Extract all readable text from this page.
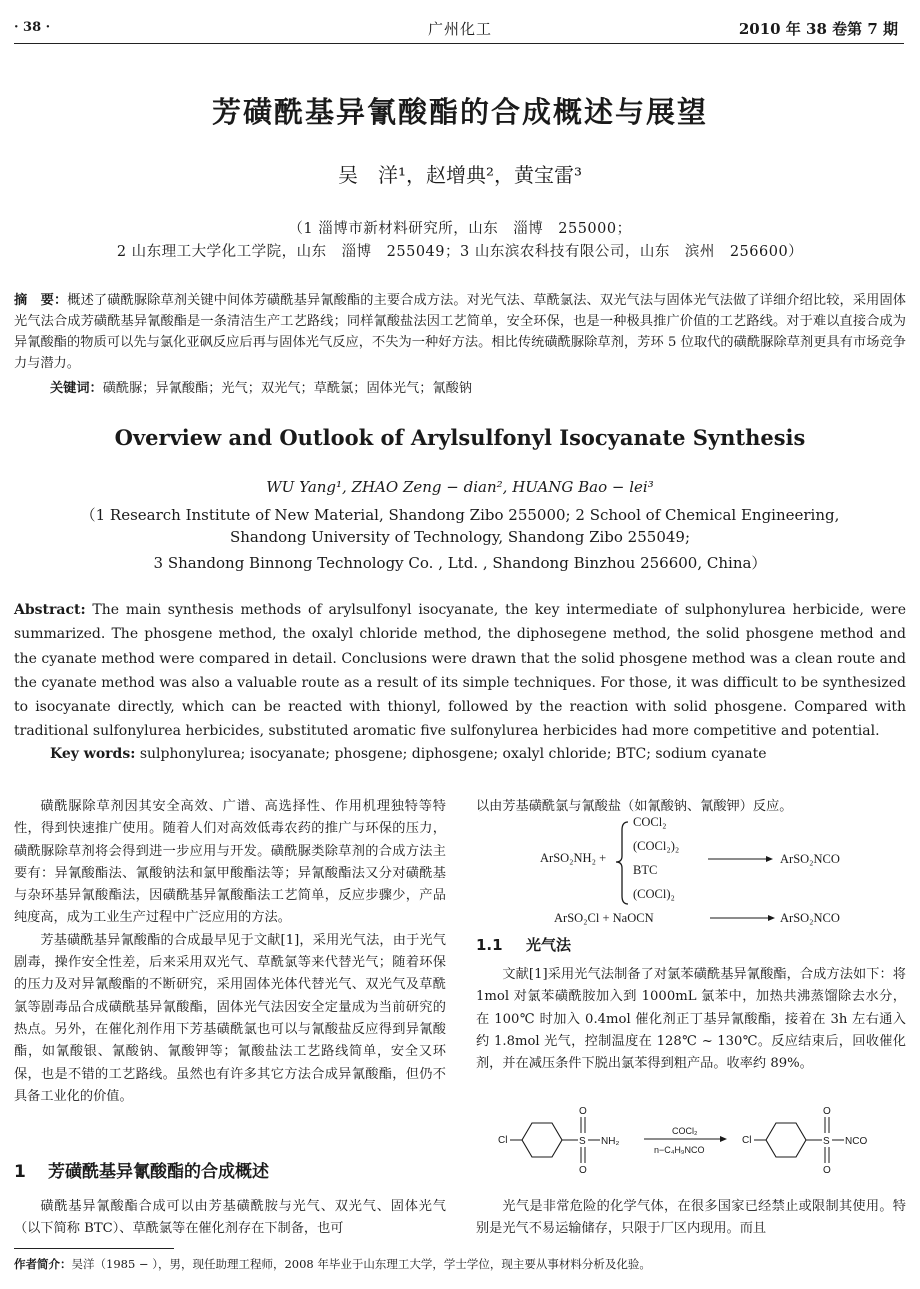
· 38 ·	广州化工	2010 年 38 卷第 7 期
芳磺酰基异氰酸酯的合成概述与展望
吴　洋¹，赵增典²，黄宝雷³
（1 淄博市新材料研究所，山东　淄博　255000；
2 山东理工大学化工学院，山东　淄博　255049；3 山东滨农科技有限公司，山东　滨州　256600）
摘　要：概述了磺酰脲除草剂关键中间体芳磺酰基异氰酸酯的主要合成方法。对光气法、草酰氯法、双光气法与固体光气法做了详细介绍比较，采用固体光气法合成芳磺酰基异氰酸酯是一条清洁生产工艺路线；同样氰酸盐法因工艺简单，安全环保，也是一种极具推广价值的工艺路线。对于难以直接合成为异氰酸酯的物质可以先与氯化亚砜反应后再与固体光气反应，不失为一种好方法。相比传统磺酰脲除草剂，芳环 5 位取代的磺酰脲除草剂更具有市场竞争力与潜力。
关键词：磺酰脲；异氰酸酯；光气；双光气；草酰氯；固体光气；氰酸钠
Overview and Outlook of Arylsulfonyl Isocyanate Synthesis
WU Yang¹, ZHAO Zeng − dian², HUANG Bao − lei³
（1 Research Institute of New Material, Shandong Zibo 255000; 2 School of Chemical Engineering,
Shandong University of Technology, Shandong Zibo 255049;
3 Shandong Binnong Technology Co. , Ltd. , Shandong Binzhou 256600, China）
Abstract: The main synthesis methods of arylsulfonyl isocyanate, the key intermediate of sulphonylurea herbicide, were summarized. The phosgene method, the oxalyl chloride method, the diphosegene method, the solid phosgene method and the cyanate method were compared in detail. Conclusions were drawn that the solid phosgene method was a clean route and the cyanate method was also a valuable route as a result of its simple techniques. For those, it was difficult to be synthesized to isocyanate directly, which can be reacted with thionyl, followed by the reaction with solid phosgene. Compared with traditional sulfonylurea herbicides, substituted aromatic five sulfonylurea herbicides had more competitive and potential.
Key words: sulphonylurea; isocyanate; phosgene; diphosgene; oxalyl chloride; BTC; sodium cyanate

磺酰脲除草剂因其安全高效、广谱、高选择性、作用机理独特等特性，得到快速推广使用。随着人们对高效低毒农药的推广与环保的压力，磺酰脲除草剂将会得到进一步应用与开发。磺酰脲类除草剂的合成方法主要有：异氰酸酯法、氰酸钠法和氯甲酸酯法等；异氰酸酯法又分对磺酰基与杂环基异氰酸酯法，因磺酰基异氰酸酯法工艺简单，反应步骤少，产品纯度高，成为工业生产过程中广泛应用的方法。

芳基磺酰基异氰酸酯的合成最早见于文献[1]，采用光气法，由于光气剧毒，操作安全性差，后来采用双光气、草酰氯等来代替光气；随着环保的压力及对异氰酸酯的不断研究，采用固体光体代替光气、双光气及草酰氯等剧毒品合成磺酰基异氰酸酯，固体光气法因安全定量成为当前研究的热点。另外，在催化剂作用下芳基磺酰氯也可以与氰酸盐反应得到异氰酸酯，如氰酸银、氰酸钠、氰酸钾等；氰酸盐法工艺路线简单，安全又环保，也是不错的工艺路线。虽然也有许多其它方法合成异氰酸酯，但仍不具备工业化的价值。

1 芳磺酰基异氰酸酯的合成概述

磺酰基异氰酸酯合成可以由芳基磺酰胺与光气、双光气、固体光气（以下简称 BTC）、草酰氯等在催化剂存在下制备，也可

以由芳基磺酰氯与氰酸盐（如氰酸钠、氰酸钾）反应。
ArSO₂NH₂ +
COCl₂
(COCl₂)₂
BTC
(COCl)₂
ArSO₂NCO
ArSO₂Cl + NaOCN	ArSO₂NCO
1.1 光气法

文献[1]采用光气法制备了对氯苯磺酰基异氰酸酯，合成方法如下：将 1mol 对氯苯磺酰胺加入到 1000mL 氯苯中，加热共沸蒸馏除去水分，在 100℃ 时加入 0.4mol 催化剂正丁基异氰酸酯，接着在 3h 左右通入约 1.8mol 光气，控制温度在 128℃ ~ 130℃。反应结束后，回收催化剂，并在减压条件下脱出氯苯得到粗产品。收率约 89%。

Cl	S
O
O
NH₂
COCl₂
n−C₄H₉NCO
Cl	S
O
O
NCO

光气是非常危险的化学气体，在很多国家已经禁止或限制其使用。特别是光气不易运输储存，只限于厂区内现用。而且

作者简介：吴洋（1985 − ），男，现任助理工程师，2008 年毕业于山东理工大学，学士学位，现主要从事材料分析及化验。
